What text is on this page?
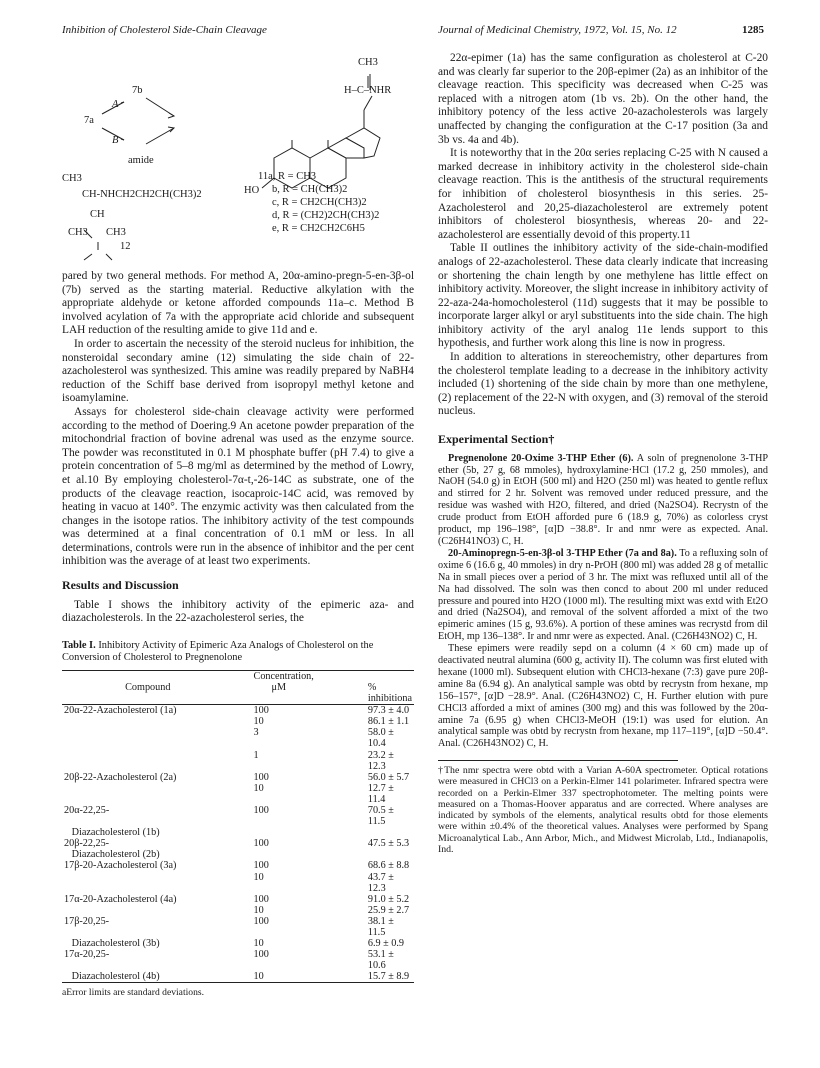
Inhibition of Cholesterol Side-Chain Cleavage	Journal of Medicinal Chemistry, 1972, Vol. 15, No. 12	1285
7b
7a
A
B
amide
CH3
H–C–NHR
HO
CH3
CH-NHCH2CH2CH(CH3)2
CH
CH3 CH3
12
11a, R = CH3
b, R = CH(CH3)2
c, R = CH2CH(CH3)2
d, R = (CH2)2CH(CH3)2
e, R = CH2CH2C6H5

pared by two general methods. For method A, 20α-amino-pregn-5-en-3β-ol (7b) served as the starting material. Reductive alkylation with the appropriate aldehyde or ketone afforded compounds 11a–c. Method B involved acylation of 7a with the appropriate acid chloride and subsequent LAH reduction of the resulting amide to give 11d and e.

In order to ascertain the necessity of the steroid nucleus for inhibition, the nonsteroidal secondary amine (12) simulating the side chain of 22-azacholesterol was synthesized. This amine was readily prepared by NaBH4 reduction of the Schiff base derived from isopropyl methyl ketone and isoamylamine.

Assays for cholesterol side-chain cleavage activity were performed according to the method of Doering.9 An acetone powder preparation of the mitochondrial fraction of bovine adrenal was used as the enzyme source. The powder was reconstituted in 0.1 M phosphate buffer (pH 7.4) to give a protein concentration of 5–8 mg/ml as determined by the method of Lowry, et al.10 By employing cholesterol-7α-t,-26-14C as substrate, one of the products of the cleavage reaction, isocaproic-14C acid, was removed by heating in vacuo at 140°. The enzymic activity was then calculated from the changes in the isotope ratios. The inhibitory activity of the test compounds was determined at a final concentration of 0.1 mM or less. In all determinations, controls were run in the absence of inhibitor and the per cent inhibition was the average of at least two experiments.

Results and Discussion

Table I shows the inhibitory activity of the epimeric aza- and diazacholesterols. In the 22-azacholesterol series, the

Table I. Inhibitory Activity of Epimeric Aza Analogs of Cholesterol on the Conversion of Cholesterol to Pregnenolone
	Concentration,	
Compound	μM	% inhibitiona
20α-22-Azacholesterol (1a)	100	97.3 ± 4.0
	10	86.1 ± 1.1
	3	58.0 ± 10.4
	1	23.2 ± 12.3
20β-22-Azacholesterol (2a)	100	56.0 ± 5.7
	10	12.7 ± 11.4
20α-22,25-	100	70.5 ± 11.5
Diazacholesterol (1b)		
20β-22,25-	100	47.5 ± 5.3
Diazacholesterol (2b)		
17β-20-Azacholesterol (3a)	100	68.6 ± 8.8
	10	43.7 ± 12.3
17α-20-Azacholesterol (4a)	100	91.0 ± 5.2
	10	25.9 ± 2.7
17β-20,25-	100	38.1 ± 11.5
Diazacholesterol (3b)	10	6.9 ± 0.9
17α-20,25-	100	53.1 ± 10.6
Diazacholesterol (4b)	10	15.7 ± 8.9
aError limits are standard deviations.

22α-epimer (1a) has the same configuration as cholesterol at C-20 and was clearly far superior to the 20β-epimer (2a) as an inhibitor of the cleavage reaction. This specificity was decreased when C-25 was replaced with a nitrogen atom (1b vs. 2b). On the other hand, the inhibitory potency of the less active 20-azacholesterols was largely unaffected by changing the configuration at the C-17 position (3a and 3b vs. 4a and 4b).

It is noteworthy that in the 20α series replacing C-25 with N caused a marked decrease in inhibitory activity in the cholesterol side-chain cleavage reaction. This is the antithesis of the structural requirements for inhibition of cholesterol biosynthesis in this series. 25-Azacholesterol and 20,25-diazacholesterol are extremely potent inhibitors of cholesterol biosynthesis, whereas 20- and 22-azacholesterol are essentially devoid of this property.11

Table II outlines the inhibitory activity of the side-chain-modified analogs of 22-azacholesterol. These data clearly indicate that increasing or shortening the chain length by one methylene has little effect on inhibitory activity. Moreover, the slight increase in inhibitory activity of 22-aza-24a-homocholesterol (11d) suggests that it may be possible to incorporate larger alkyl or aryl substituents into the side chain. The high inhibitory activity of the aryl analog 11e lends support to this hypothesis, and further work along this line is now in progress.

In addition to alterations in stereochemistry, other departures from the cholesterol template leading to a decrease in the inhibitory activity included (1) shortening of the side chain by more than one methylene, (2) replacement of the 22-N with oxygen, and (3) removal of the steroid nucleus.

Experimental Section†

Pregnenolone 20-Oxime 3-THP Ether (6). A soln of pregnenolone 3-THP ether (5b, 27 g, 68 mmoles), hydroxylamine·HCl (17.2 g, 250 mmoles), and NaOH (54.0 g) in EtOH (500 ml) and H2O (250 ml) was heated to gentle reflux and stirred for 2 hr. Solvent was removed under reduced pressure, and the residue was washed with H2O, filtered, and dried (Na2SO4). Recrystn of the crude product from EtOH afforded pure 6 (18.9 g, 70%) as colorless cryst product, mp 196–198°, [α]D −38.8°. Ir and nmr were as expected. Anal. (C26H41NO3) C, H.

20-Aminopregn-5-en-3β-ol 3-THP Ether (7a and 8a). To a refluxing soln of oxime 6 (16.6 g, 40 mmoles) in dry n-PrOH (800 ml) was added 28 g of metallic Na in small pieces over a period of 3 hr. The mixt was refluxed until all of the Na had dissolved. The soln was then concd to about 200 ml under reduced pressure and poured into H2O (1000 ml). The resulting mixt was extd with Et2O and dried (Na2SO4), and removal of the solvent afforded a mixt of the two epimeric amines (15 g, 93.6%). A portion of these amines was recrystd from dil EtOH, mp 136–138°. Ir and nmr were as expected. Anal. (C26H43NO2) C, H.

These epimers were readily sepd on a column (4 × 60 cm) made up of deactivated neutral alumina (600 g, activity II). The column was first eluted with hexane (1000 ml). Subsequent elution with CHCl3-hexane (7:3) gave pure 20β-amine 8a (6.94 g). An analytical sample was obtd by recrystn from hexane, mp 156–157°, [α]D −28.9°. Anal. (C26H43NO2) C, H. Further elution with pure CHCl3 afforded a mixt of amines (300 mg) and this was followed by the 20α-amine 7a (6.95 g) when CHCl3-MeOH (19:1) was used for elution. An analytical sample was obtd by recrystn from hexane, mp 117–119°, [α]D −50.4°. Anal. (C26H43NO2) C, H.

†The nmr spectra were obtd with a Varian A-60A spectrometer. Optical rotations were measured in CHCl3 on a Perkin-Elmer 141 polarimeter. Infrared spectra were recorded on a Perkin-Elmer 337 spectrophotometer. The melting points were measured on a Thomas-Hoover apparatus and are corrected. Where analyses are indicated by symbols of the elements, analytical results obtd for those elements were within ±0.4% of the theoretical values. Analyses were performed by Spang Microanalytical Lab., Ann Arbor, Mich., and Midwest Microlab, Ltd., Indianapolis, Ind.
